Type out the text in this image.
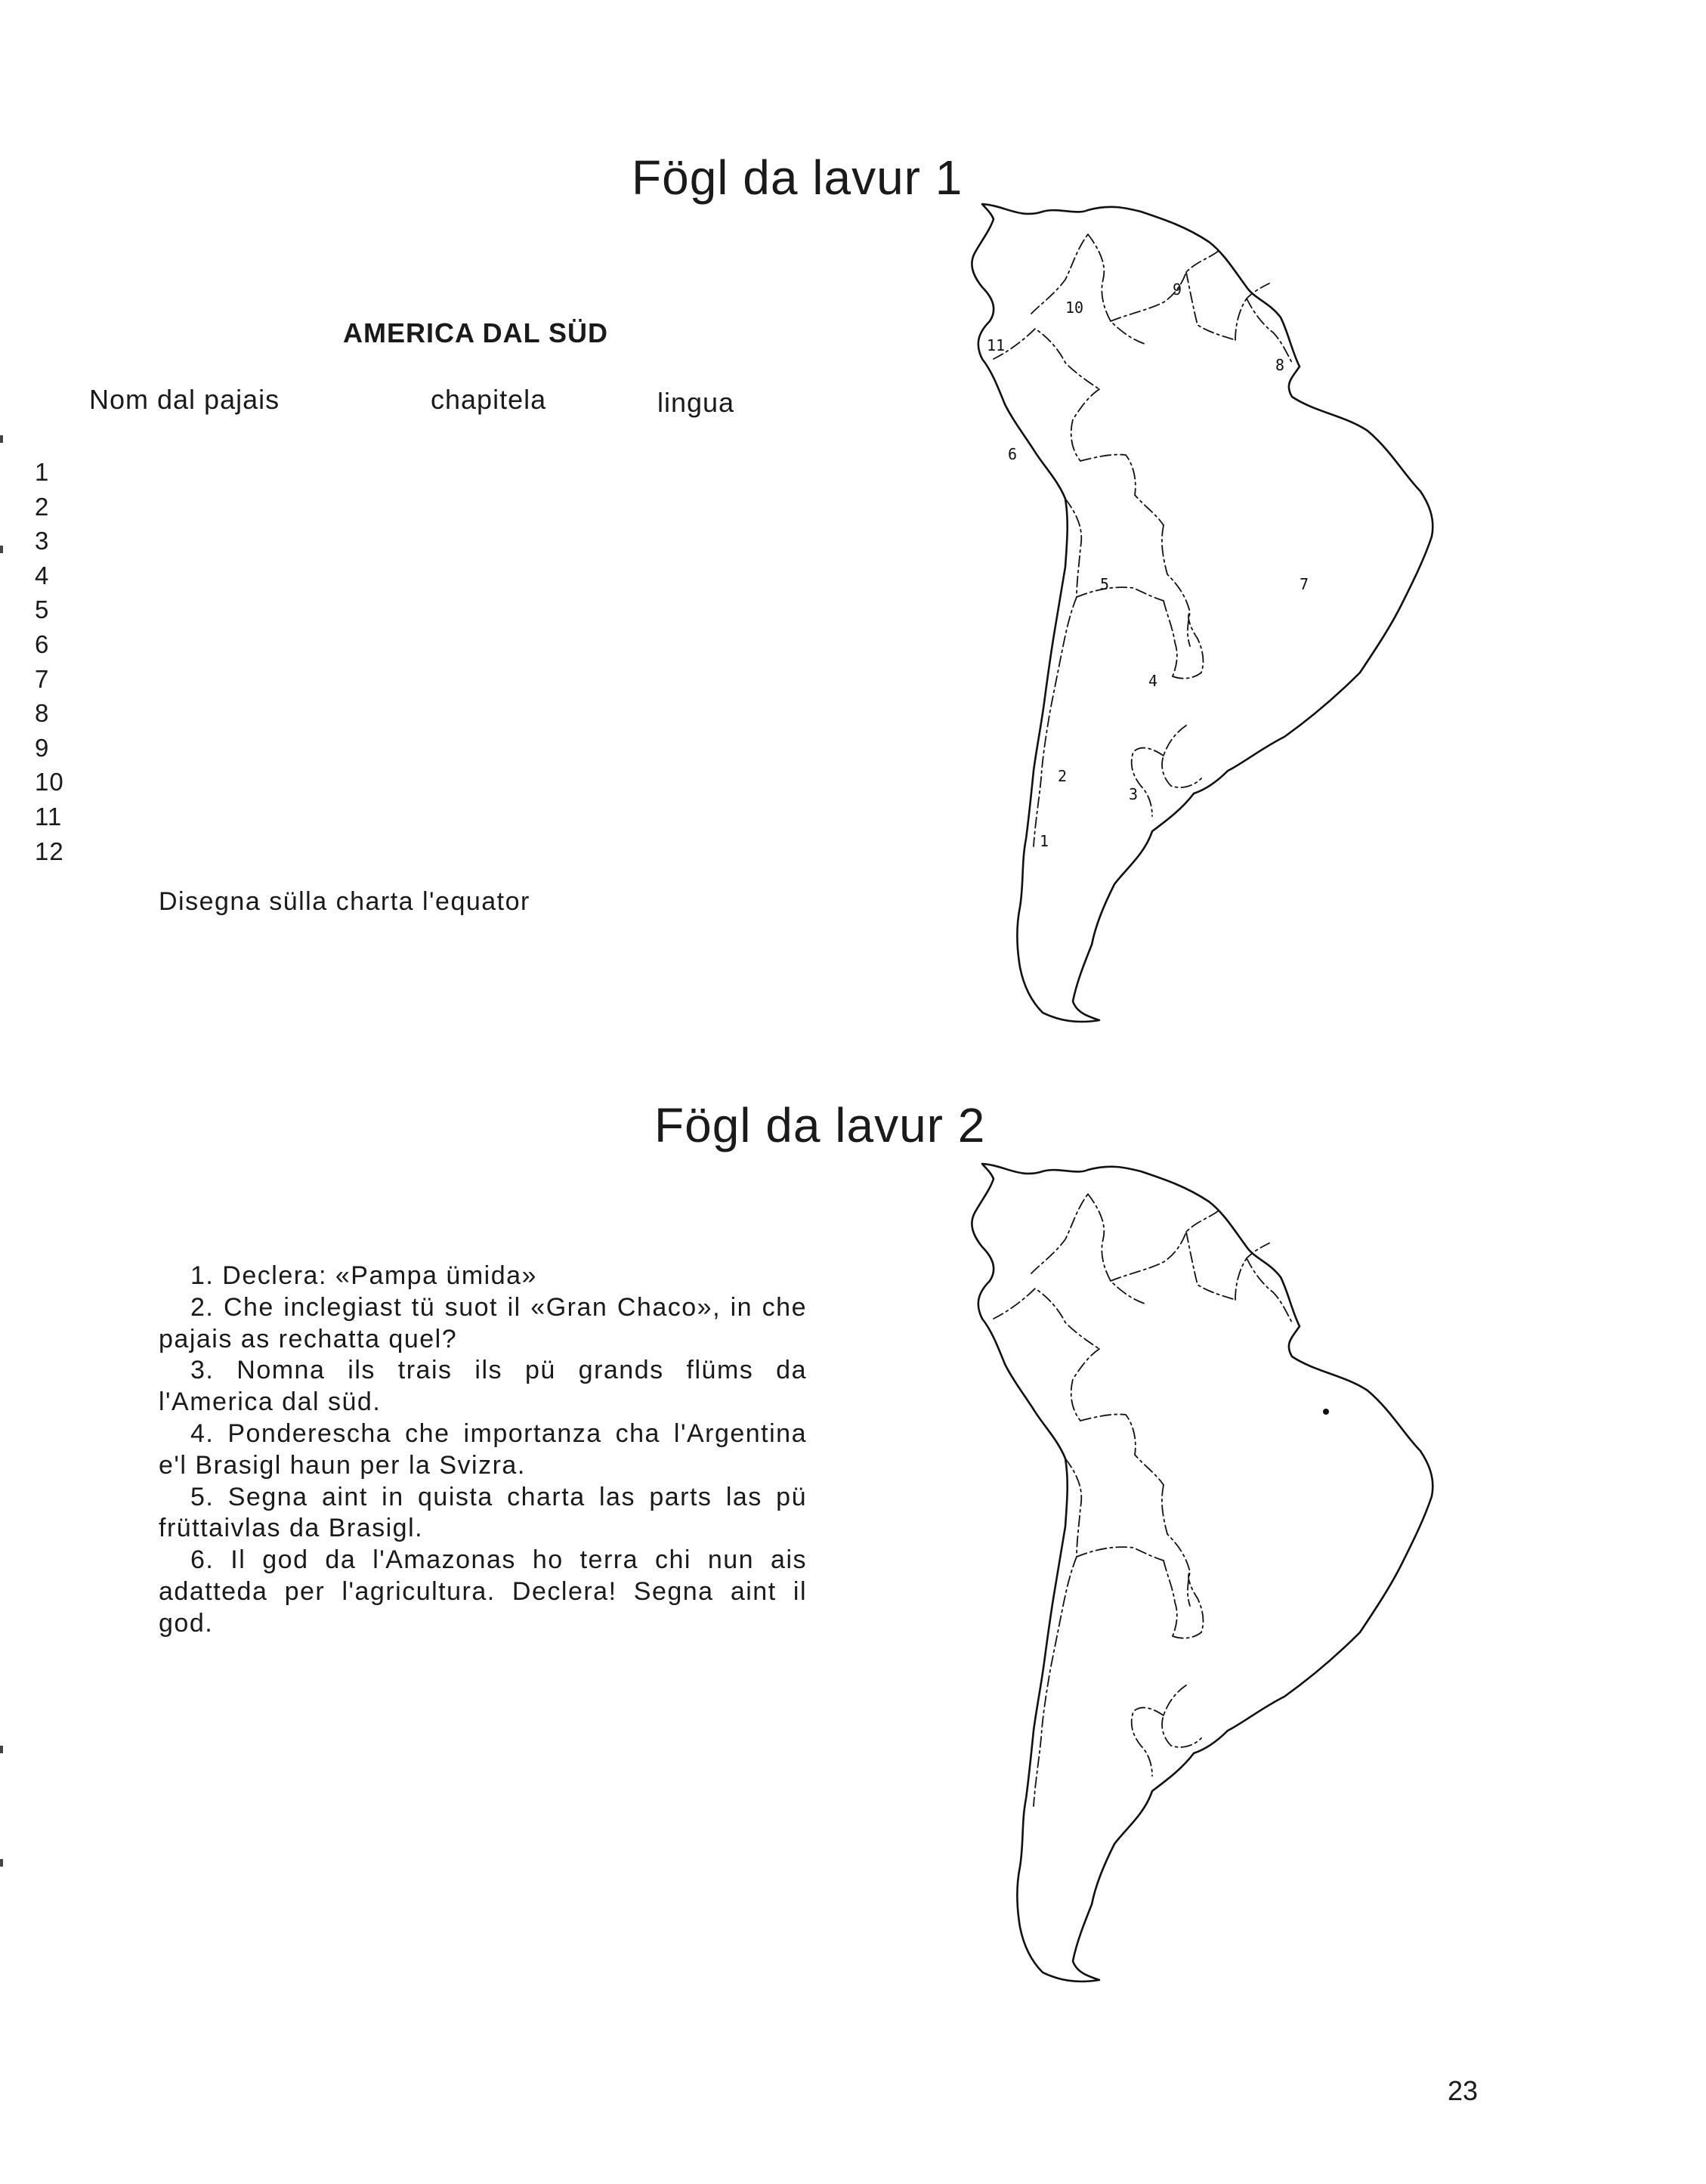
Fögl da lavur 1
AMERICA DAL SÜD
Nom dal pajais	chapitela	lingua
1
2
3
4
5
6
7
8
9
10
11
12
Disegna sülla charta l'equator
1
2
3
4
5
6
7
8
9
10
11
Fögl da lavur 2
1. Declera: «Pampa ümida»
2. Che inclegiast tü suot il «Gran Chaco», in che pajais as rechatta quel?
3. Nomna ils trais ils pü grands flüms da l'America dal süd.
4. Ponderescha che importanza cha l'Argentina e'l Brasigl haun per la Svizra.
5. Segna aint in quista charta las parts las pü früttaivlas da Brasigl.
6. Il god da l'Amazonas ho terra chi nun ais adatteda per l'agricultura. Declera! Segna aint il god.
23
